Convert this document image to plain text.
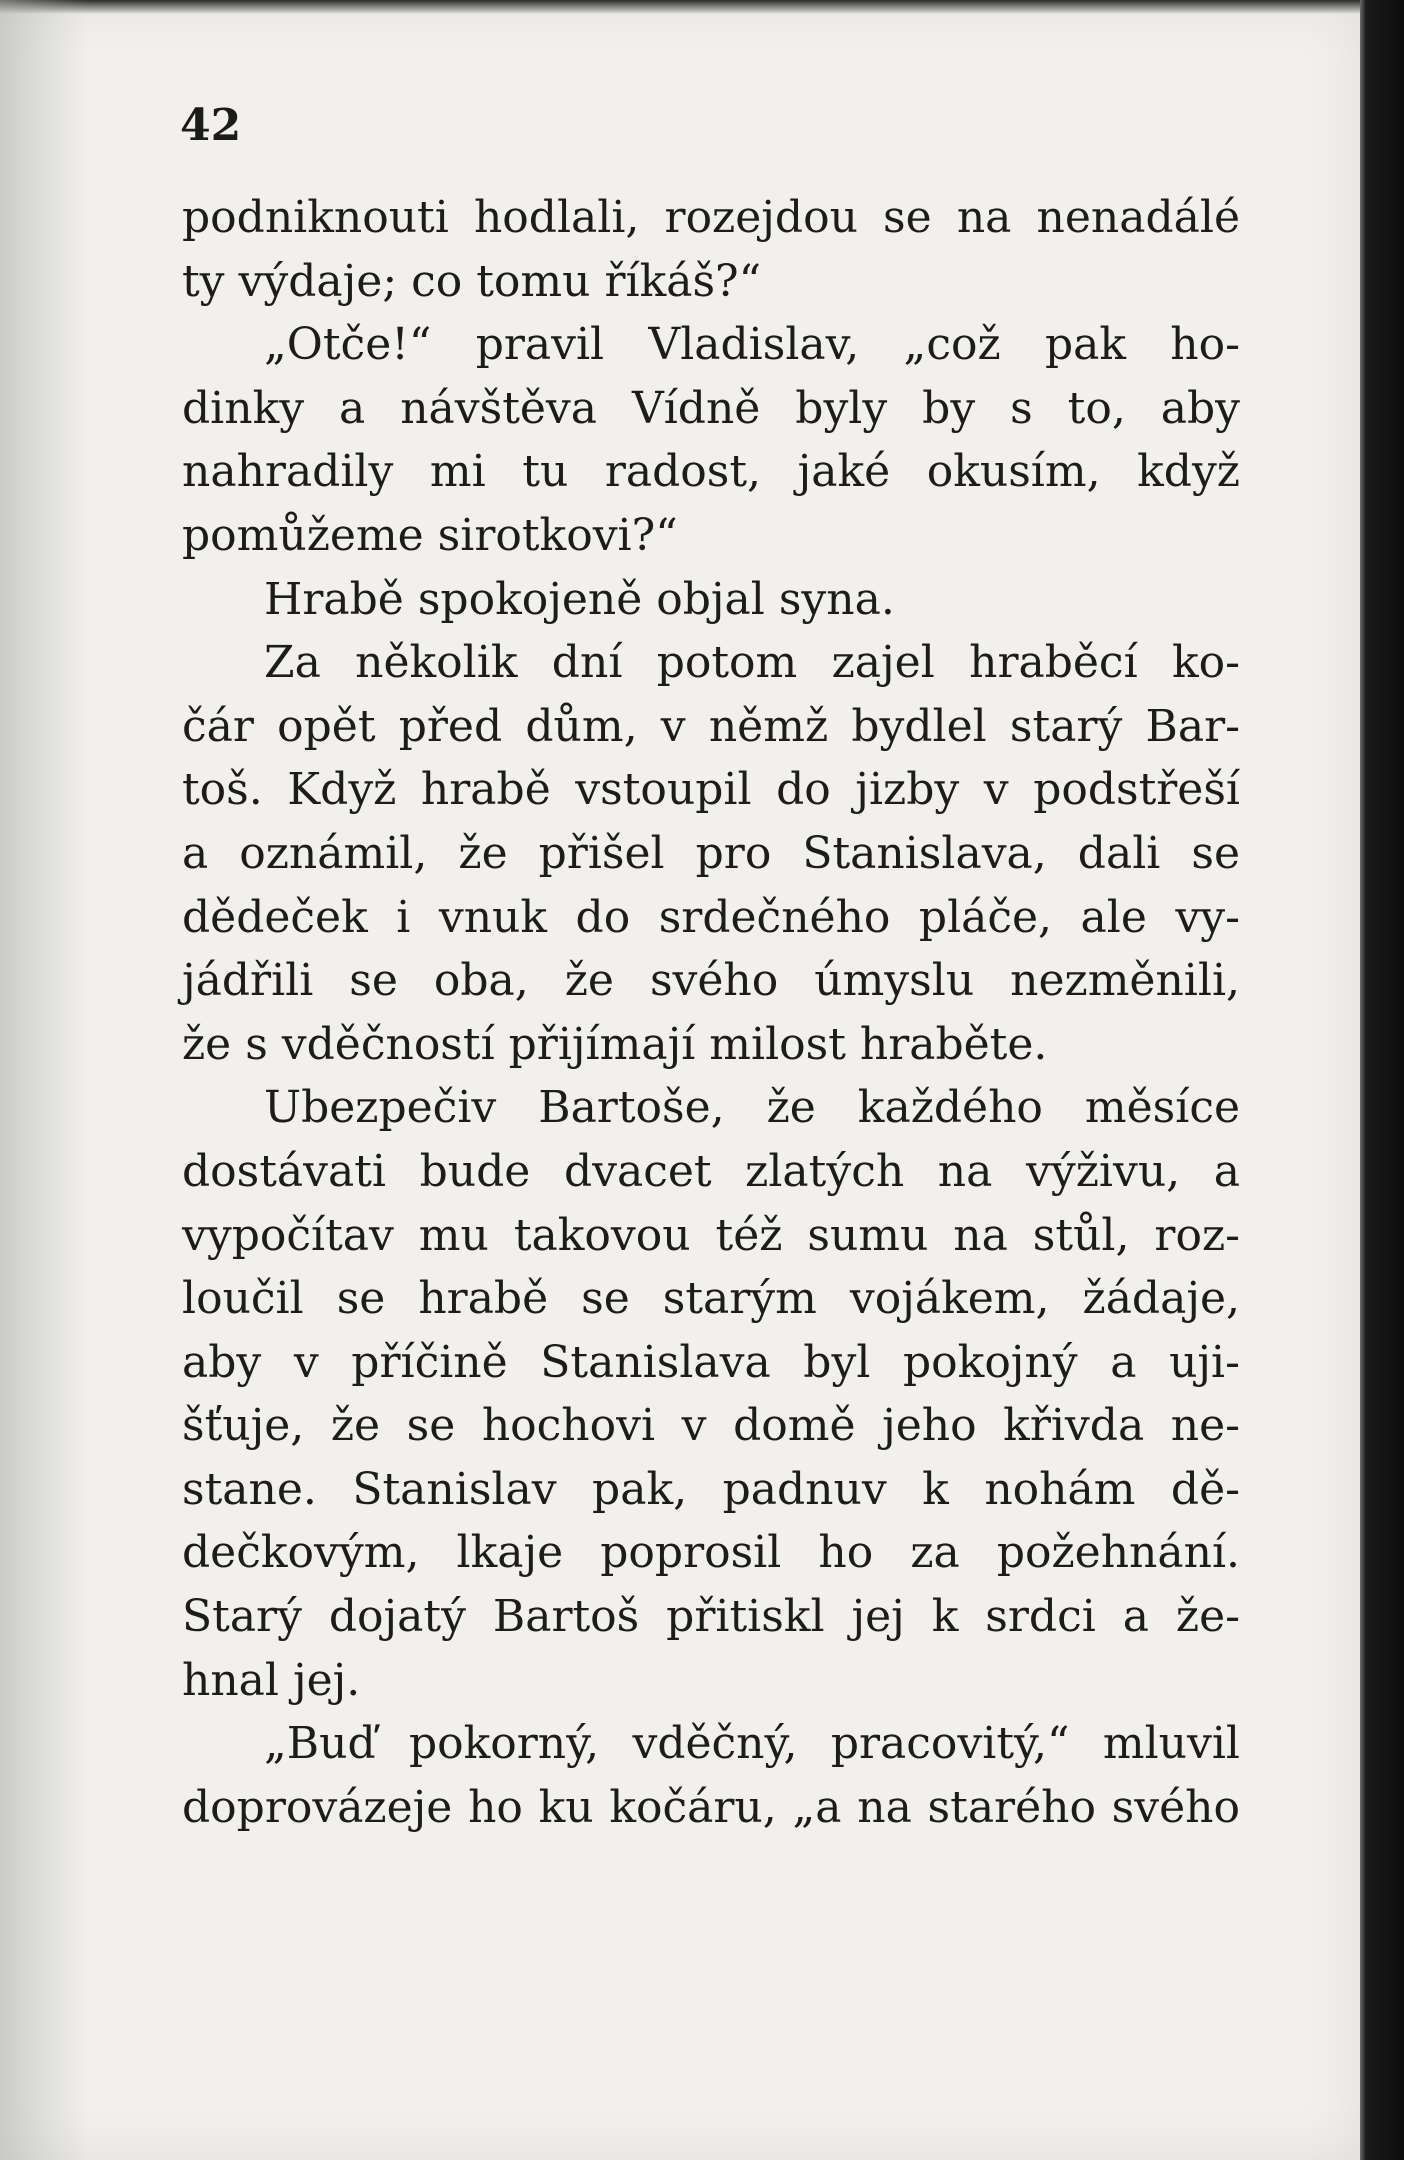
42
podniknouti hodlali, rozejdou se na nenadálé
ty výdaje; co tomu říkáš?“
„Otče!“ pravil Vladislav, „což pak ho-
dinky a návštěva Vídně byly by s to, aby
nahradily mi tu radost, jaké okusím, když
pomůžeme sirotkovi?“
Hrabě spokojeně objal syna.
Za několik dní potom zajel hraběcí ko-
čár opět před dům, v němž bydlel starý Bar-
toš. Když hrabě vstoupil do jizby v podstřeší
a oznámil, že přišel pro Stanislava, dali se
dědeček i vnuk do srdečného pláče, ale vy-
jádřili se oba, že svého úmyslu nezměnili,
že s vděčností přijímají milost hraběte.
Ubezpečiv Bartoše, že každého měsíce
dostávati bude dvacet zlatých na výživu, a
vypočítav mu takovou též sumu na stůl, roz-
loučil se hrabě se starým vojákem, žádaje,
aby v příčině Stanislava byl pokojný a uji-
šťuje, že se hochovi v domě jeho křivda ne-
stane. Stanislav pak, padnuv k nohám dě-
dečkovým, lkaje poprosil ho za požehnání.
Starý dojatý Bartoš přitiskl jej k srdci a že-
hnal jej.
„Buď pokorný, vděčný, pracovitý,“ mluvil
doprovázeje ho ku kočáru, „a na starého svého
